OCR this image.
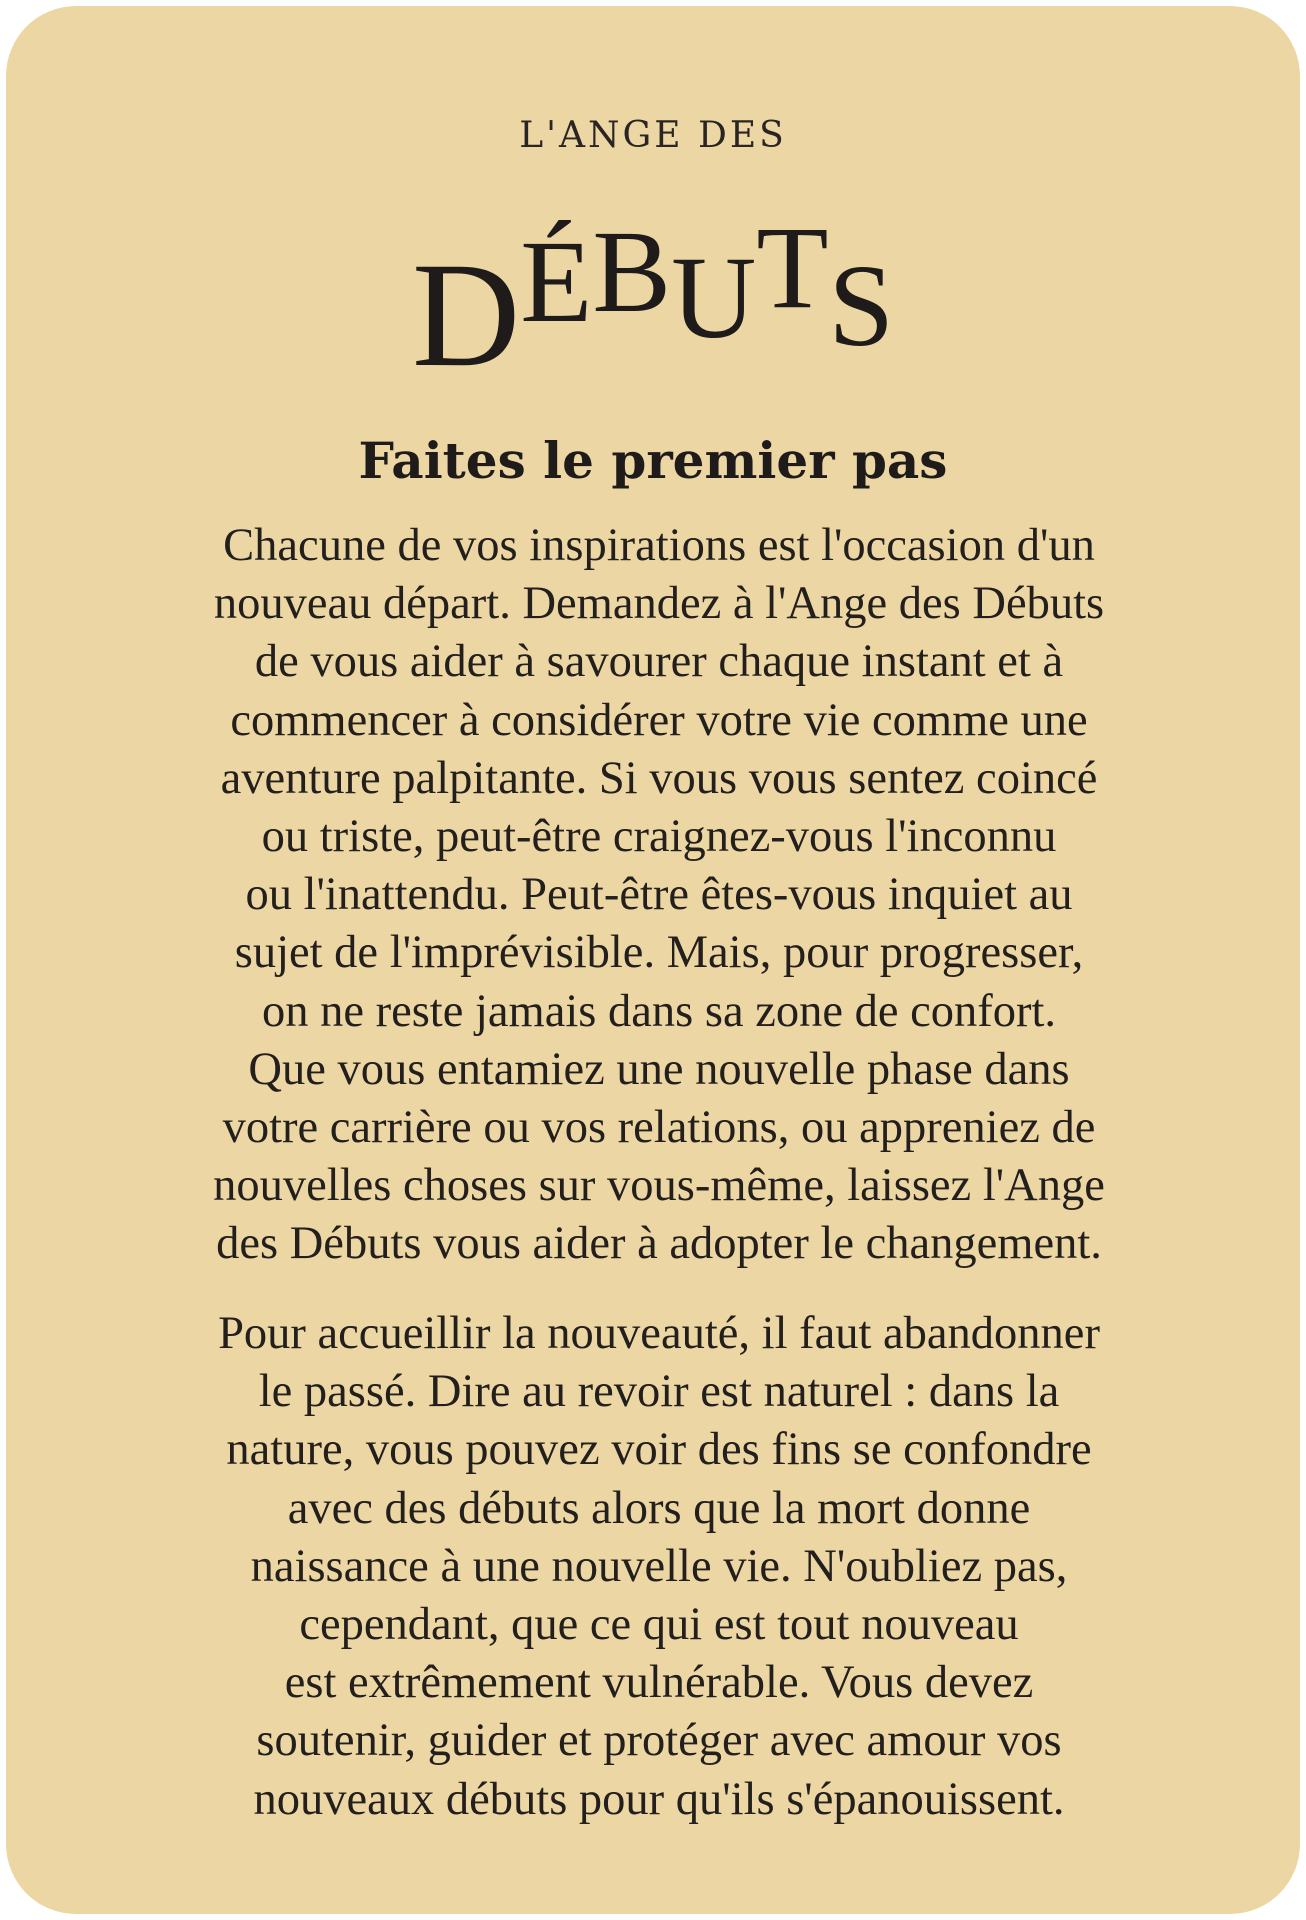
L'ANGE DES
DÉBUTS
Faites le premier pas
Chacune de vos inspirations est l'occasion d'un
nouveau départ. Demandez à l'Ange des Débuts
de vous aider à savourer chaque instant et à
commencer à considérer votre vie comme une
aventure palpitante. Si vous vous sentez coincé
ou triste, peut-être craignez-vous l'inconnu
ou l'inattendu. Peut-être êtes-vous inquiet au
sujet de l'imprévisible. Mais, pour progresser,
on ne reste jamais dans sa zone de confort.
Que vous entamiez une nouvelle phase dans
votre carrière ou vos relations, ou appreniez de
nouvelles choses sur vous-même, laissez l'Ange
des Débuts vous aider à adopter le changement.
Pour accueillir la nouveauté, il faut abandonner
le passé. Dire au revoir est naturel : dans la
nature, vous pouvez voir des fins se confondre
avec des débuts alors que la mort donne
naissance à une nouvelle vie. N'oubliez pas,
cependant, que ce qui est tout nouveau
est extrêmement vulnérable. Vous devez
soutenir, guider et protéger avec amour vos
nouveaux débuts pour qu'ils s'épanouissent.
